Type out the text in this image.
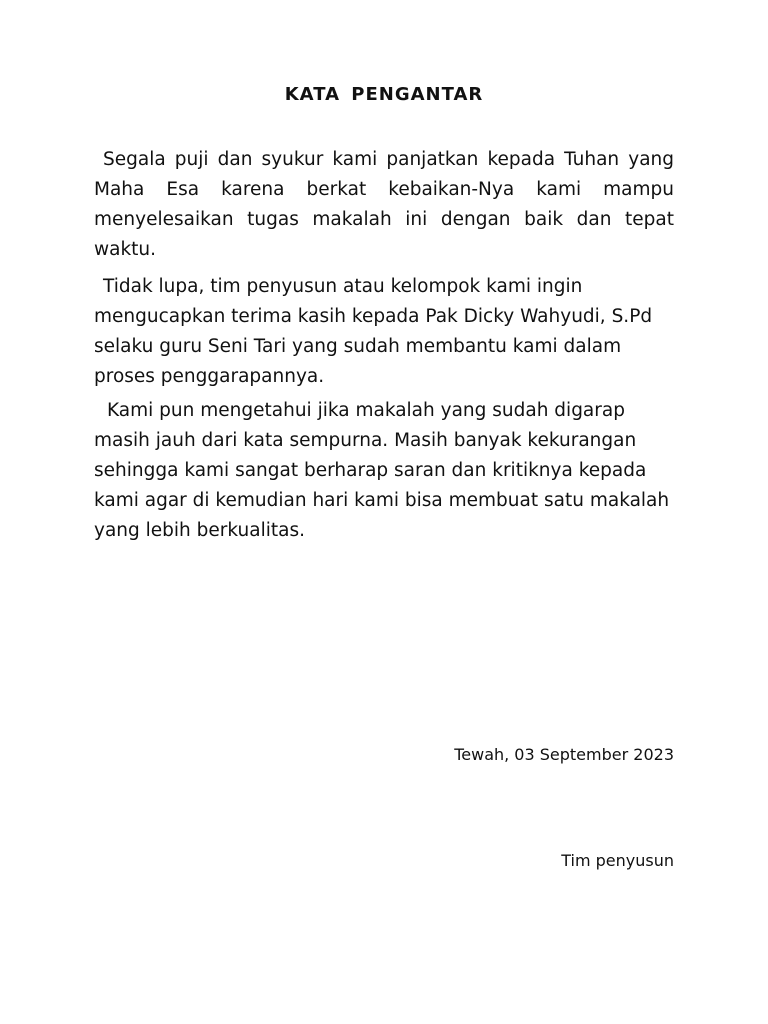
KATA PENGANTAR

Segala puji dan syukur kami panjatkan kepada Tuhan yang Maha Esa karena berkat kebaikan-Nya kami mampu menyelesaikan tugas makalah ini dengan baik dan tepat waktu.

Tidak lupa, tim penyusun atau kelompok kami ingin mengucapkan terima kasih kepada Pak Dicky Wahyudi, S.Pd selaku guru Seni Tari yang sudah membantu kami dalam proses penggarapannya.

Kami pun mengetahui jika makalah yang sudah digarap masih jauh dari kata sempurna. Masih banyak kekurangan sehingga kami sangat berharap saran dan kritiknya kepada kami agar di kemudian hari kami bisa membuat satu makalah yang lebih berkualitas.

Tewah, 03 September 2023
Tim penyusun
